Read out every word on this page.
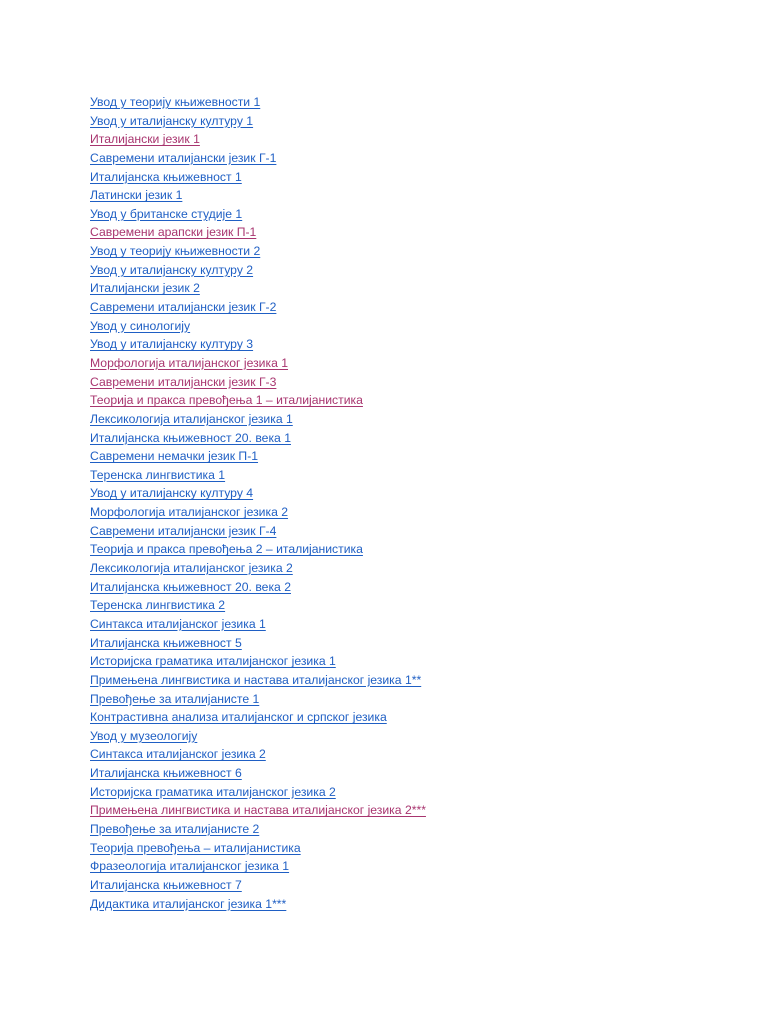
Увод у теорију књижевности 1
Увод у италијанску културу 1
Италијански језик 1
Савремени италијански језик Г-1
Италијанска књижевност 1
Латински језик 1
Увод у британске студије 1
Савремени арапски језик П-1
Увод у теорију књижевности 2
Увод у италијанску културу 2
Италијански језик 2
Савремени италијански језик Г-2
Увод у синологију
Увод у италијанску културу 3
Морфологија италијанског језика 1
Савремени италијански језик Г-3
Теорија и пракса превођења 1 – италијанистика
Лексикологија италијанског језика 1
Италијанска књижевност 20. века 1
Савремени немачки језик П-1
Теренска лингвистика 1
Увод у италијанску културу 4
Морфологија италијанског језика 2
Савремени италијански језик Г-4
Теорија и пракса превођења 2 – италијанистика
Лексикологија италијанског језика 2
Италијанска књижевност 20. века 2
Теренска лингвистика 2
Синтакса италијанског језика 1
Италијанска књижевност 5
Историјска граматика италијанског језика 1
Примењена лингвистика и настава италијанског језика 1**
Превођење за италијанисте 1
Контрастивна анализа италијанског и српског језика
Увод у музеологију
Синтакса италијанског језика 2
Италијанска књижевност 6
Историјска граматика италијанског језика 2
Примењена лингвистика и настава италијанског језика 2***
Превођење за италијанисте 2
Теорија превођења – италијанистика
Фразеологија италијанског језика 1
Италијанска књижевност 7
Дидактика италијанског језика 1***
